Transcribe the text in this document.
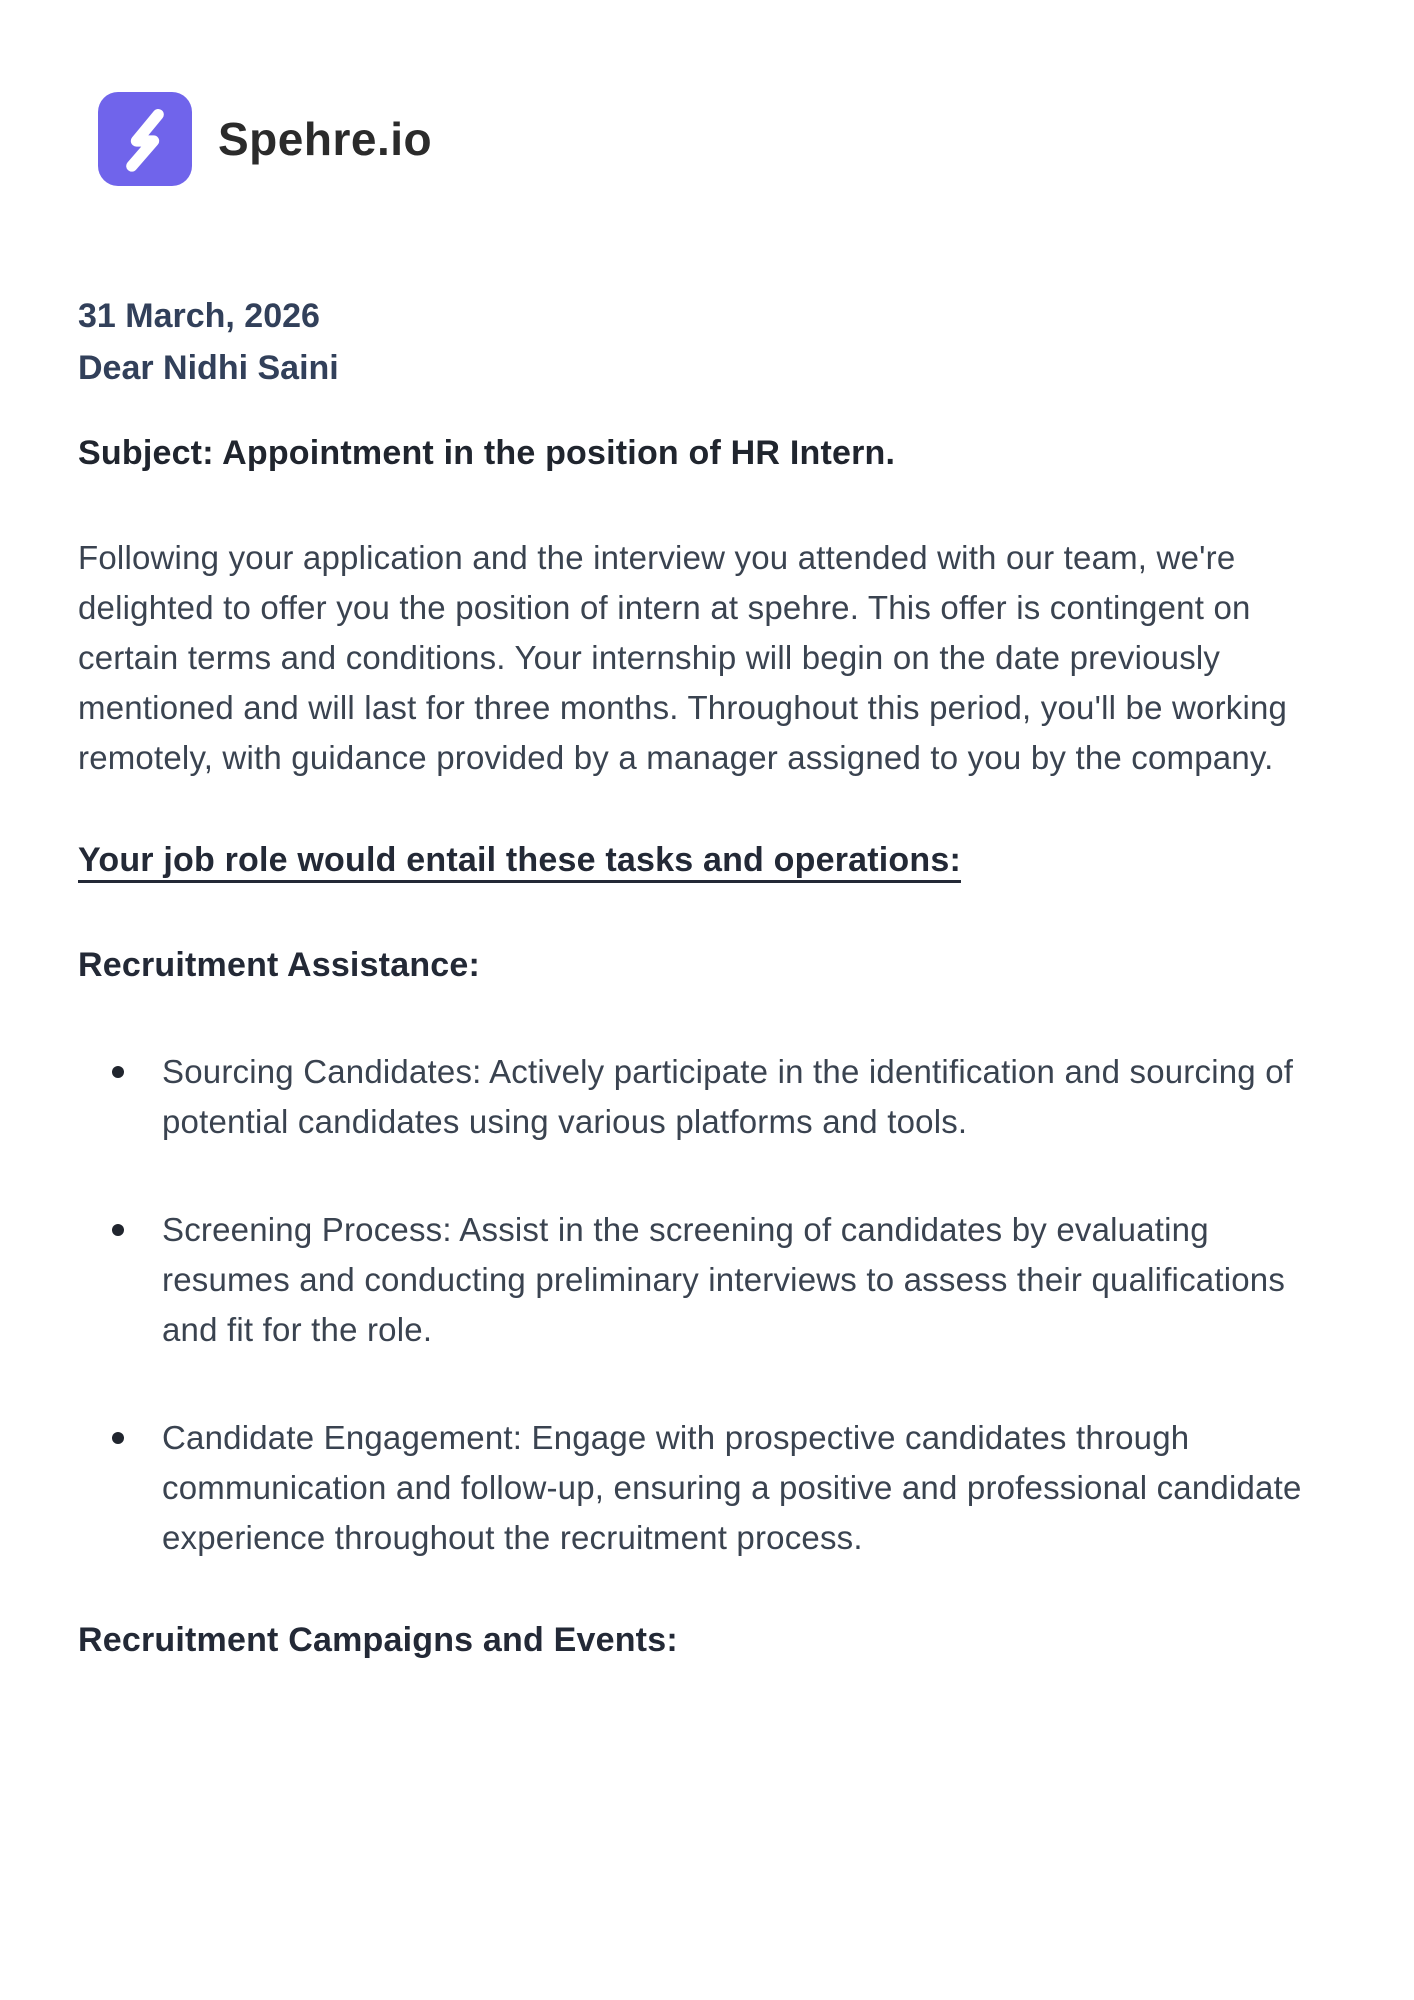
Spehre.io
31 March, 2026
Dear Nidhi Saini
Subject: Appointment in the position of HR Intern.

Following your application and the interview you attended with our team, we're delighted to offer you the position of intern at spehre. This offer is contingent on certain terms and conditions. Your internship will begin on the date previously mentioned and will last for three months. Throughout this period, you'll be working remotely, with guidance provided by a manager assigned to you by the company.

Your job role would entail these tasks and operations:
Recruitment Assistance:
Sourcing Candidates: Actively participate in the identification and sourcing of potential candidates using various platforms and tools.
Screening Process: Assist in the screening of candidates by evaluating resumes and conducting preliminary interviews to assess their qualifications and fit for the role.
Candidate Engagement: Engage with prospective candidates through communication and follow-up, ensuring a positive and professional candidate experience throughout the recruitment process.
Recruitment Campaigns and Events:
